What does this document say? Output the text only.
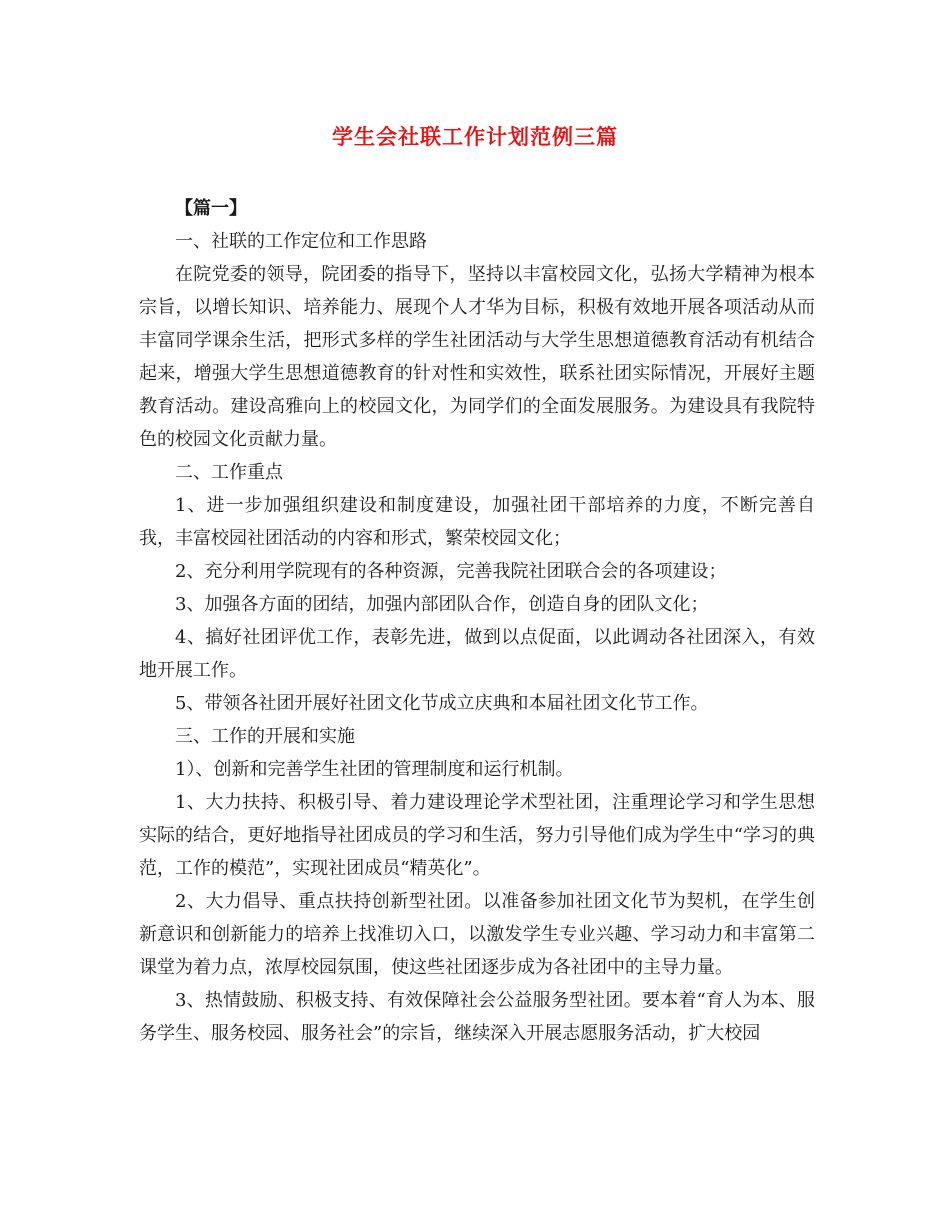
学生会社联工作计划范例三篇

【篇一】

一、社联的工作定位和工作思路

在院党委的领导，院团委的指导下，坚持以丰富校园文化，弘扬大学精神为根本宗旨，以增长知识、培养能力、展现个人才华为目标，积极有效地开展各项活动从而丰富同学课余生活，把形式多样的学生社团活动与大学生思想道德教育活动有机结合起来，增强大学生思想道德教育的针对性和实效性，联系社团实际情况，开展好主题教育活动。建设高雅向上的校园文化，为同学们的全面发展服务。为建设具有我院特色的校园文化贡献力量。

二、工作重点

1、进一步加强组织建设和制度建设，加强社团干部培养的力度，不断完善自我，丰富校园社团活动的内容和形式，繁荣校园文化；

2、充分利用学院现有的各种资源，完善我院社团联合会的各项建设；

3、加强各方面的团结，加强内部团队合作，创造自身的团队文化；

4、搞好社团评优工作，表彰先进，做到以点促面，以此调动各社团深入，有效地开展工作。

5、带领各社团开展好社团文化节成立庆典和本届社团文化节工作。

三、工作的开展和实施

1）、创新和完善学生社团的管理制度和运行机制。

1、大力扶持、积极引导、着力建设理论学术型社团，注重理论学习和学生思想实际的结合，更好地指导社团成员的学习和生活，努力引导他们成为学生中“学习的典范，工作的模范”，实现社团成员“精英化”。

2、大力倡导、重点扶持创新型社团。以准备参加社团文化节为契机，在学生创新意识和创新能力的培养上找准切入口，以激发学生专业兴趣、学习动力和丰富第二课堂为着力点，浓厚校园氛围，使这些社团逐步成为各社团中的主导力量。

3、热情鼓励、积极支持、有效保障社会公益服务型社团。要本着“育人为本、服务学生、服务校园、服务社会”的宗旨，继续深入开展志愿服务活动，扩大校园
